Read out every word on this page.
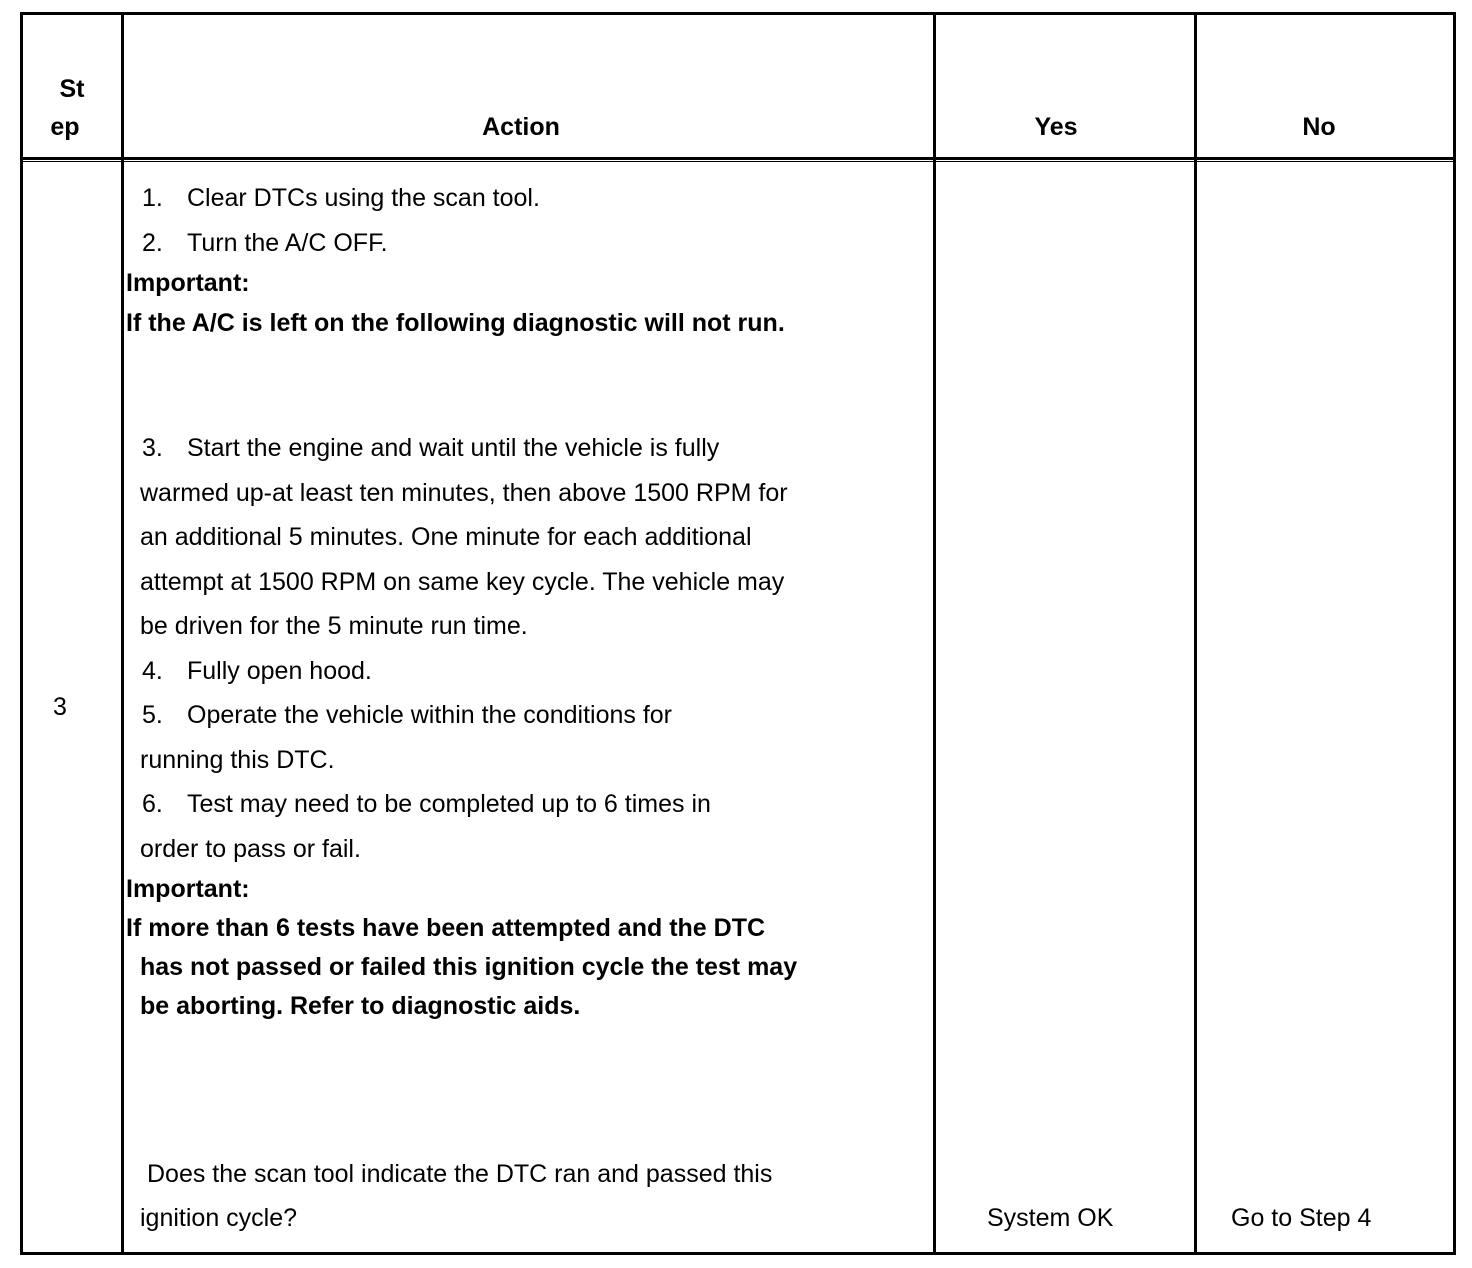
St
ep	Action	Yes	No
3
1. Clear DTCs using the scan tool.
2. Turn the A/C OFF.
Important:
If the A/C is left on the following diagnostic will not run.
3. Start the engine and wait until the vehicle is fully
warmed up-at least ten minutes, then above 1500 RPM for
an additional 5 minutes. One minute for each additional
attempt at 1500 RPM on same key cycle. The vehicle may
be driven for the 5 minute run time.
4. Fully open hood.
5. Operate the vehicle within the conditions for
running this DTC.
6. Test may need to be completed up to 6 times in
order to pass or fail.
Important:
If more than 6 tests have been attempted and the DTC
has not passed or failed this ignition cycle the test may
be aborting. Refer to diagnostic aids.
Does the scan tool indicate the DTC ran and passed this
ignition cycle?	System OK	Go to Step 4
